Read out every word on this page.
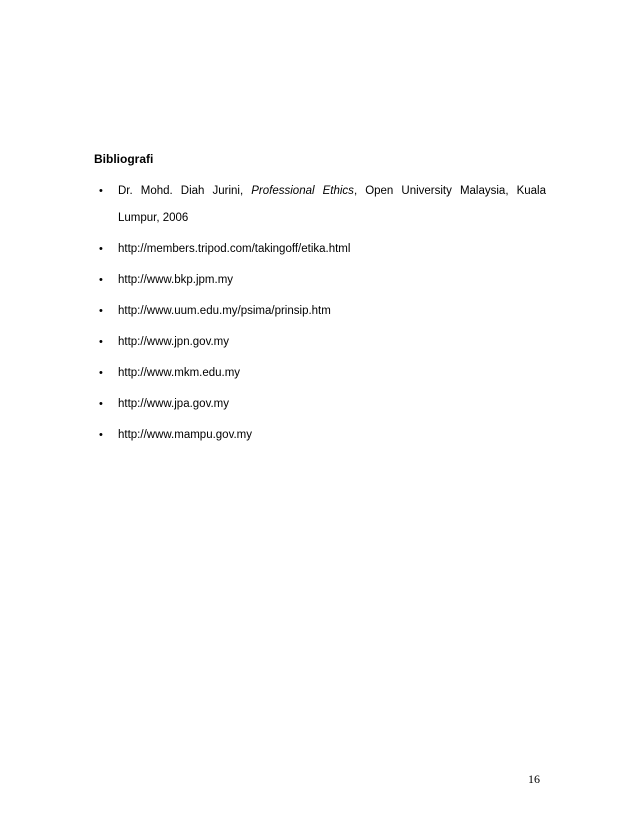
Bibliografi
• Dr. Mohd. Diah Jurini, Professional Ethics, Open University Malaysia, Kuala
Lumpur, 2006
• http://members.tripod.com/takingoff/etika.html
• http://www.bkp.jpm.my
• http://www.uum.edu.my/psima/prinsip.htm
• http://www.jpn.gov.my
• http://www.mkm.edu.my
• http://www.jpa.gov.my
• http://www.mampu.gov.my
16
